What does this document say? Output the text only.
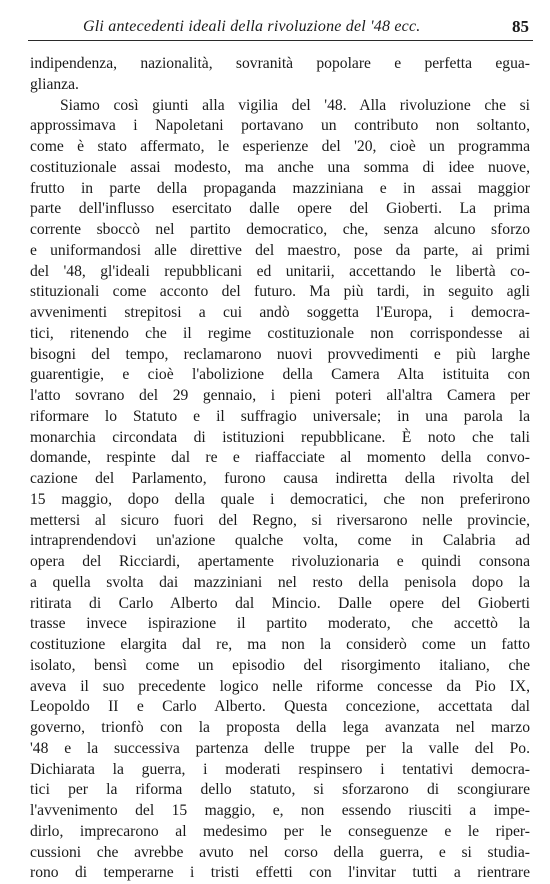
Gli antecedenti ideali della rivoluzione del '48 ecc.	85
indipendenza, nazionalità, sovranità popolare e perfetta egua-
glianza.
Siamo così giunti alla vigilia del '48. Alla rivoluzione che si
approssimava i Napoletani portavano un contributo non soltanto,
come è stato affermato, le esperienze del '20, cioè un programma
costituzionale assai modesto, ma anche una somma di idee nuove,
frutto in parte della propaganda mazziniana e in assai maggior
parte dell'influsso esercitato dalle opere del Gioberti. La prima
corrente sboccò nel partito democratico, che, senza alcuno sforzo
e uniformandosi alle direttive del maestro, pose da parte, ai primi
del '48, gl'ideali repubblicani ed unitarii, accettando le libertà co-
stituzionali come acconto del futuro. Ma più tardi, in seguito agli
avvenimenti strepitosi a cui andò soggetta l'Europa, i democra-
tici, ritenendo che il regime costituzionale non corrispondesse ai
bisogni del tempo, reclamarono nuovi provvedimenti e più larghe
guarentigie, e cioè l'abolizione della Camera Alta istituita con
l'atto sovrano del 29 gennaio, i pieni poteri all'altra Camera per
riformare lo Statuto e il suffragio universale; in una parola la
monarchia circondata di istituzioni repubblicane. È noto che tali
domande, respinte dal re e riaffacciate al momento della convo-
cazione del Parlamento, furono causa indiretta della rivolta del
15 maggio, dopo della quale i democratici, che non preferirono
mettersi al sicuro fuori del Regno, si riversarono nelle provincie,
intraprendendovi un'azione qualche volta, come in Calabria ad
opera del Ricciardi, apertamente rivoluzionaria e quindi consona
a quella svolta dai mazziniani nel resto della penisola dopo la
ritirata di Carlo Alberto dal Mincio. Dalle opere del Gioberti
trasse invece ispirazione il partito moderato, che accettò la
costituzione elargita dal re, ma non la considerò come un fatto
isolato, bensì come un episodio del risorgimento italiano, che
aveva il suo precedente logico nelle riforme concesse da Pio IX,
Leopoldo II e Carlo Alberto. Questa concezione, accettata dal
governo, trionfò con la proposta della lega avanzata nel marzo
'48 e la successiva partenza delle truppe per la valle del Po.
Dichiarata la guerra, i moderati respinsero i tentativi democra-
tici per la riforma dello statuto, si sforzarono di scongiurare
l'avvenimento del 15 maggio, e, non essendo riusciti a impe-
dirlo, imprecarono al medesimo per le conseguenze e le riper-
cussioni che avrebbe avuto nel corso della guerra, e si studia-
rono di temperarne i tristi effetti con l'invitar tutti a rientrare
